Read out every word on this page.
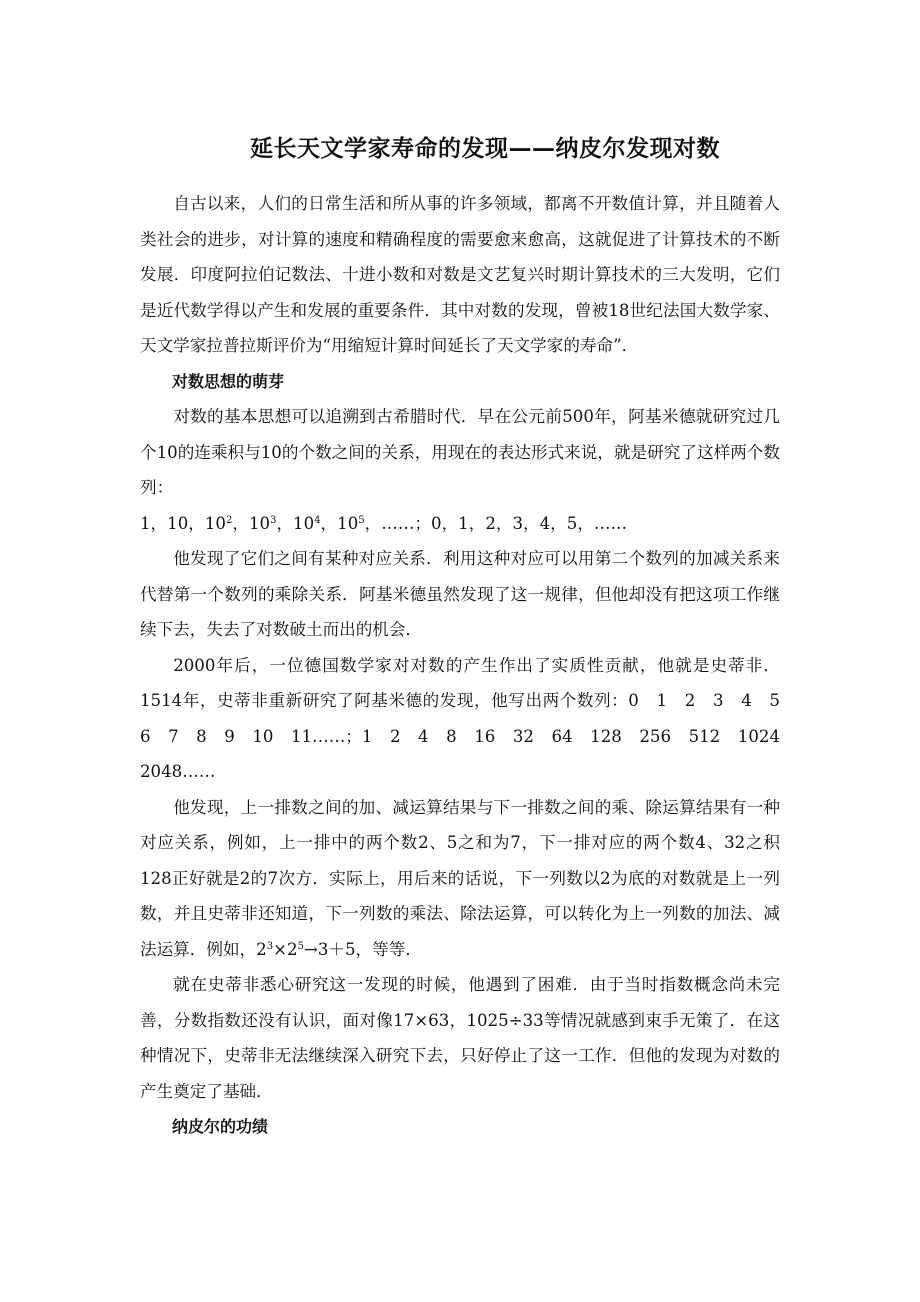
延长天文学家寿命的发现——纳皮尔发现对数

自古以来，人们的日常生活和所从事的许多领域，都离不开数值计算，并且随着人类社会的进步，对计算的速度和精确程度的需要愈来愈高，这就促进了计算技术的不断发展．印度阿拉伯记数法、十进小数和对数是文艺复兴时期计算技术的三大发明，它们是近代数学得以产生和发展的重要条件．其中对数的发现，曾被18世纪法国大数学家、天文学家拉普拉斯评价为“用缩短计算时间延长了天文学家的寿命”．

对数思想的萌芽

对数的基本思想可以追溯到古希腊时代．早在公元前500年，阿基米德就研究过几个10的连乘积与10的个数之间的关系，用现在的表达形式来说，就是研究了这样两个数列：

1，10，$10^2$，$10^3$，$10^4$，$10^5$，……；0，1，2，3，4，5，……

他发现了它们之间有某种对应关系．利用这种对应可以用第二个数列的加减关系来代替第一个数列的乘除关系．阿基米德虽然发现了这一规律，但他却没有把这项工作继续下去，失去了对数破土而出的机会．

2000年后，一位德国数学家对对数的产生作出了实质性贡献，他就是史蒂非．1514年，史蒂非重新研究了阿基米德的发现，他写出两个数列：0　1　2　3　4　5　6　7　8　9　10　11……；1　2　4　8　16　32　64　128　256　512　1024　2048……

他发现，上一排数之间的加、减运算结果与下一排数之间的乘、除运算结果有一种对应关系，例如，上一排中的两个数2、5之和为7，下一排对应的两个数4、32之积128正好就是2的7次方．实际上，用后来的话说，下一列数以2为底的对数就是上一列数，并且史蒂非还知道，下一列数的乘法、除法运算，可以转化为上一列数的加法、减法运算．例如，$2^3\times 2^5\to 3+5$，等等．

就在史蒂非悉心研究这一发现的时候，他遇到了困难．由于当时指数概念尚未完善，分数指数还没有认识，面对像17×63，1025÷33等情况就感到束手无策了．在这种情况下，史蒂非无法继续深入研究下去，只好停止了这一工作．但他的发现为对数的产生奠定了基础．

纳皮尔的功绩
